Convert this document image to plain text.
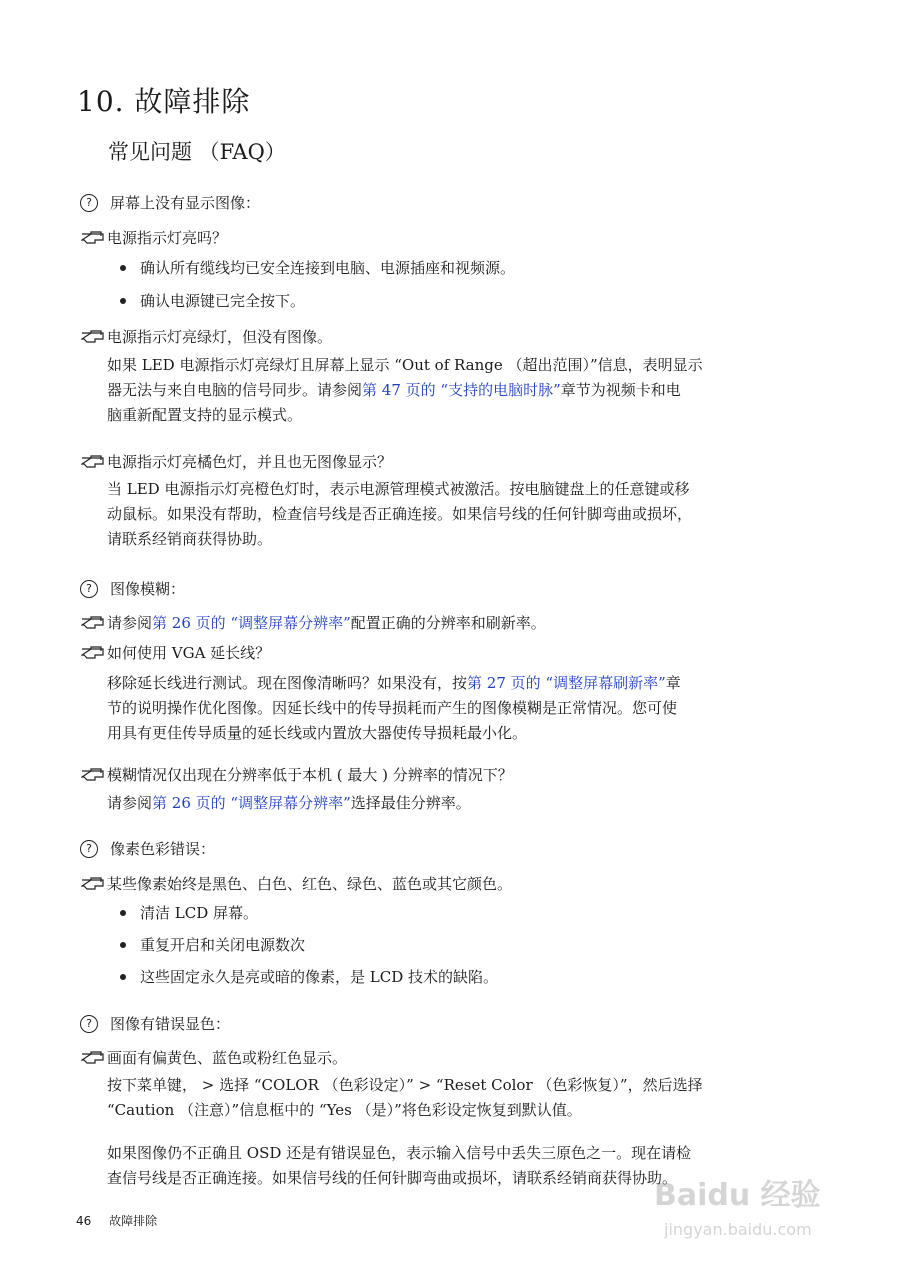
10. 故障排除
常见问题 （FAQ）
?	屏幕上没有显示图像：
电源指示灯亮吗？
确认所有缆线均已安全连接到电脑、电源插座和视频源。
确认电源键已完全按下。
电源指示灯亮绿灯，但没有图像。
如果 LED 电源指示灯亮绿灯且屏幕上显示 “Out of Range （超出范围）”信息，表明显示
器无法与来自电脑的信号同步。请参阅第 47 页的 “支持的电脑时脉”章节为视频卡和电
脑重新配置支持的显示模式。
电源指示灯亮橘色灯，并且也无图像显示？
当 LED 电源指示灯亮橙色灯时，表示电源管理模式被激活。按电脑键盘上的任意键或移
动鼠标。如果没有帮助，检查信号线是否正确连接。如果信号线的任何针脚弯曲或损坏，
请联系经销商获得协助。
?	图像模糊：
请参阅 第 26 页的 “调整屏幕分辨率” 配置正确的分辨率和刷新率。
如何使用 VGA 延长线？
移除延长线进行测试。现在图像清晰吗？如果没有，按第 27 页的 “调整屏幕刷新率”章
节的说明操作优化图像。因延长线中的传导损耗而产生的图像模糊是正常情况。您可使
用具有更佳传导质量的延长线或内置放大器使传导损耗最小化。
模糊情况仅出现在分辨率低于本机 ( 最大 ) 分辨率的情况下？
请参阅第 26 页的 “调整屏幕分辨率”选择最佳分辨率。
?	像素色彩错误：
某些像素始终是黑色、白色、红色、绿色、蓝色或其它颜色。
清洁 LCD 屏幕。
重复开启和关闭电源数次
这些固定永久是亮或暗的像素，是 LCD 技术的缺陷。
?	图像有错误显色：
画面有偏黄色、蓝色或粉红色显示。
按下菜单键， > 选择 “COLOR （色彩设定）” > “Reset Color （色彩恢复）”，然后选择
“Caution （注意）”信息框中的 “Yes （是）”将色彩设定恢复到默认值。
如果图像仍不正确且 OSD 还是有错误显色，表示输入信号中丢失三原色之一。现在请检
查信号线是否正确连接。如果信号线的任何针脚弯曲或损坏，请联系经销商获得协助。
46 故障排除
Baidu 经验
jingyan.baidu.com
